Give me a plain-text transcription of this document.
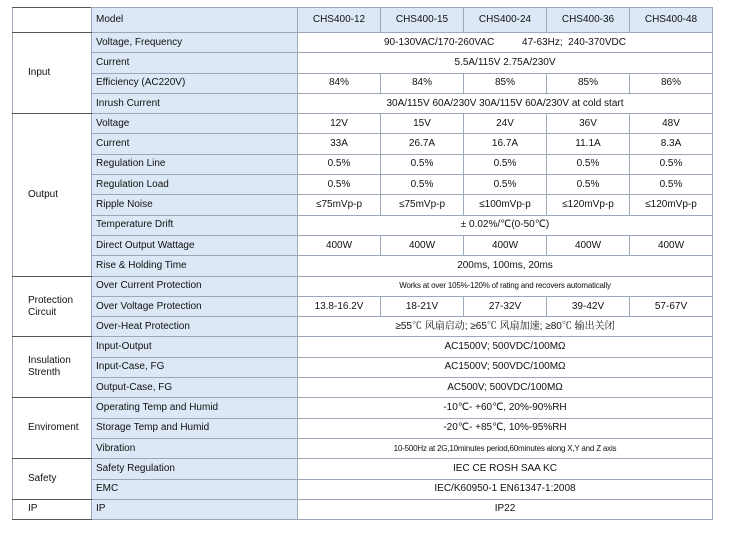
	Model	CHS400-12	CHS400-15	CHS400-24	CHS400-36	CHS400-48
Input	Voltage, Frequency	90-130VAC/170-260VAC          47-63Hz;  240-370VDC				
	Current	5.5A/115V 2.75A/230V				
	Efficiency (AC220V)	84%	84%	85%	85%	86%
	Inrush Current	30A/115V 60A/230V 30A/115V 60A/230V at cold start				
Output	Voltage	12V	15V	24V	36V	48V
	Current	33A	26.7A	16.7A	11.1A	8.3A
	Regulation Line	0.5%	0.5%	0.5%	0.5%	0.5%
	Regulation Load	0.5%	0.5%	0.5%	0.5%	0.5%
	Ripple Noise	≤75mVp-p	≤75mVp-p	≤100mVp-p	≤120mVp-p	≤120mVp-p
	Temperature Drift	± 0.02%/℃(0-50℃)				
	Direct Output Wattage	400W	400W	400W	400W	400W
	Rise & Holding Time	200ms, 100ms, 20ms				
Protection Circuit	Over Current Protection	Works at over 105%-120% of rating and recovers automatically				
	Over Voltage Protection	13.8-16.2V	18-21V	27-32V	39-42V	57-67V
	Over-Heat Protection	≥55℃ 风扇启动; ≥65℃ 风扇加速; ≥80℃ 输出关闭				
Insulation Strenth	Input-Output	AC1500V; 500VDC/100MΩ				
	Input-Case, FG	AC1500V; 500VDC/100MΩ				
	Output-Case, FG	AC500V; 500VDC/100MΩ				
Enviroment	Operating Temp and Humid	-10℃- +60℃, 20%-90%RH				
	Storage Temp and Humid	-20℃- +85℃, 10%-95%RH				
	Vibration	10-500Hz at 2G,10minutes period,60minutes along X,Y and Z axis				
Safety	Safety Regulation	IEC CE ROSH SAA KC				
	EMC	IEC/K60950-1 EN61347-1:2008				
IP	IP	IP22				
